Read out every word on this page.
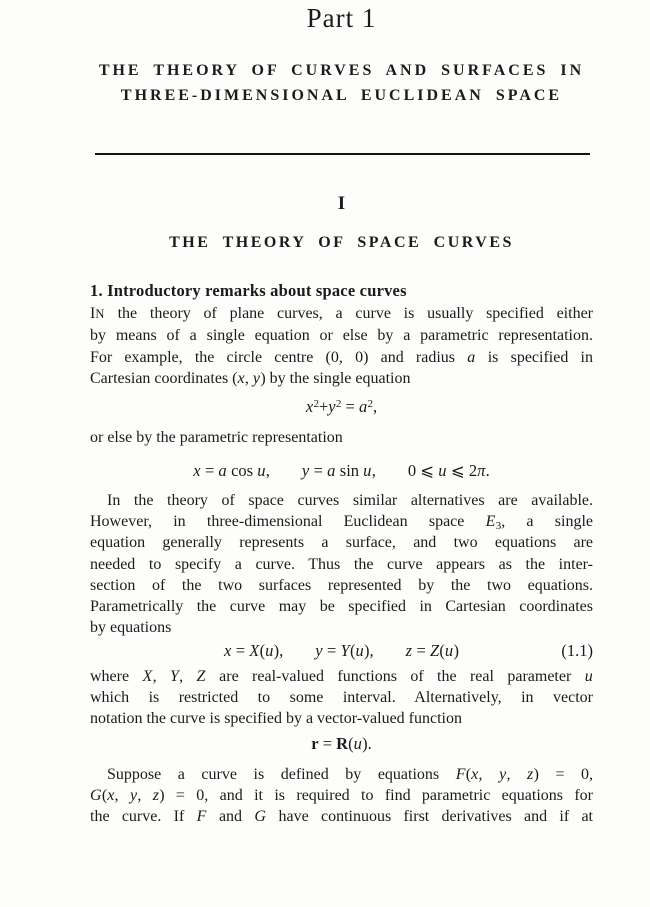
Part 1
THE THEORY OF CURVES AND SURFACES IN
THREE-DIMENSIONAL EUCLIDEAN SPACE
I
THE THEORY OF SPACE CURVES
1. Introductory remarks about space curves
IN the theory of plane curves, a curve is usually specified either
by means of a single equation or else by a parametric representation.
For example, the circle centre (0, 0) and radius a is specified in
Cartesian coordinates (x, y) by the single equation
$x^2+y^2 = a^2$,
or else by the parametric representation
x = a cos u, y = a sin u, 0 ⩽ u ⩽ 2π.
In the theory of space curves similar alternatives are available.
However, in three-dimensional Euclidean space $E_3$, a single
equation generally represents a surface, and two equations are
needed to specify a curve. Thus the curve appears as the inter-
section of the two surfaces represented by the two equations.
Parametrically the curve may be specified in Cartesian coordinates
by equations
x = X(u), y = Y(u), z = Z(u)	(1.1)
where X, Y, Z are real-valued functions of the real parameter u
which is restricted to some interval. Alternatively, in vector
notation the curve is specified by a vector-valued function
r = R(u).
Suppose a curve is defined by equations F(x, y, z) = 0,
G(x, y, z) = 0, and it is required to find parametric equations for
the curve. If F and G have continuous first derivatives and if at
